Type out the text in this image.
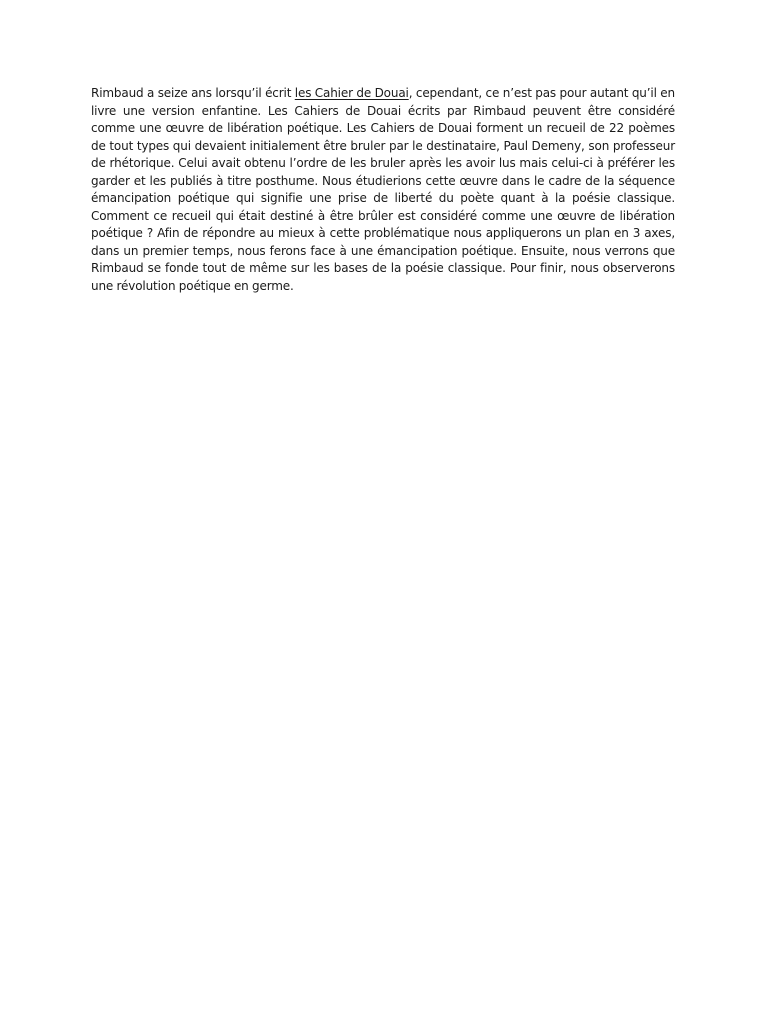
Rimbaud a seize ans lorsqu’il écrit les Cahier de Douai, cependant, ce n’est pas pour autant qu’il en livre une version enfantine. Les Cahiers de Douai écrits par Rimbaud peuvent être considéré comme une œuvre de libération poétique. Les Cahiers de Douai forment un recueil de 22 poèmes de tout types qui devaient initialement être bruler par le destinataire, Paul Demeny, son professeur de rhétorique. Celui avait obtenu l’ordre de les bruler après les avoir lus mais celui-ci à préférer les garder et les publiés à titre posthume. Nous étudierions cette œuvre dans le cadre de la séquence émancipation poétique qui signifie une prise de liberté du poète quant à la poésie classique. Comment ce recueil qui était destiné à être brûler est considéré comme une œuvre de libération poétique ? Afin de répondre au mieux à cette problématique nous appliquerons un plan en 3 axes, dans un premier temps, nous ferons face à une émancipation poétique. Ensuite, nous verrons que Rimbaud se fonde tout de même sur les bases de la poésie classique. Pour finir, nous observerons une révolution poétique en germe.
